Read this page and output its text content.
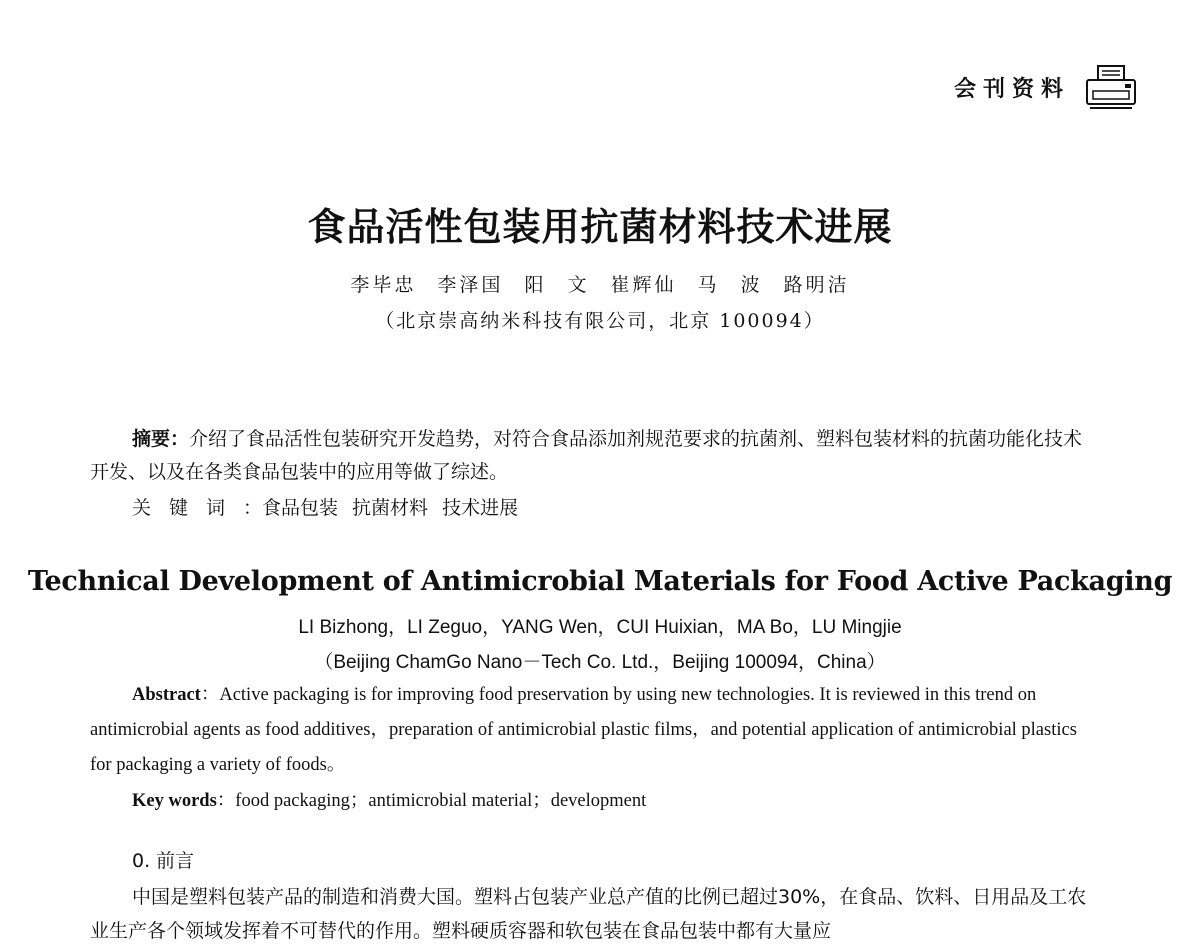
会刊资料
食品活性包装用抗菌材料技术进展
李毕忠 李泽国 阳 文 崔辉仙 马 波 路明洁
（北京崇高纳米科技有限公司，北京 100094）
摘要：介绍了食品活性包装研究开发趋势，对符合食品添加剂规范要求的抗菌剂、塑料包装材料的抗菌功能化技术开发、以及在各类食品包装中的应用等做了综述。
关键词：食品包装 抗菌材料 技术进展
Technical Development of Antimicrobial Materials for Food Active Packaging
LI Bizhong，LI Zeguo，YANG Wen，CUI Huixian，MA Bo，LU Mingjie
（Beijing ChamGo Nano－Tech Co. Ltd.，Beijing 100094，China）
Abstract：Active packaging is for improving food preservation by using new technologies. It is reviewed in this trend on antimicrobial agents as food additives，preparation of antimicrobial plastic films，and potential application of antimicrobial plastics for packaging a variety of foods。
Key words：food packaging；antimicrobial material；development
0. 前言
中国是塑料包装产品的制造和消费大国。塑料占包装产业总产值的比例已超过30%，在食品、饮料、日用品及工农业生产各个领域发挥着不可替代的作用。塑料硬质容器和软包装在食品包装中都有大量应
